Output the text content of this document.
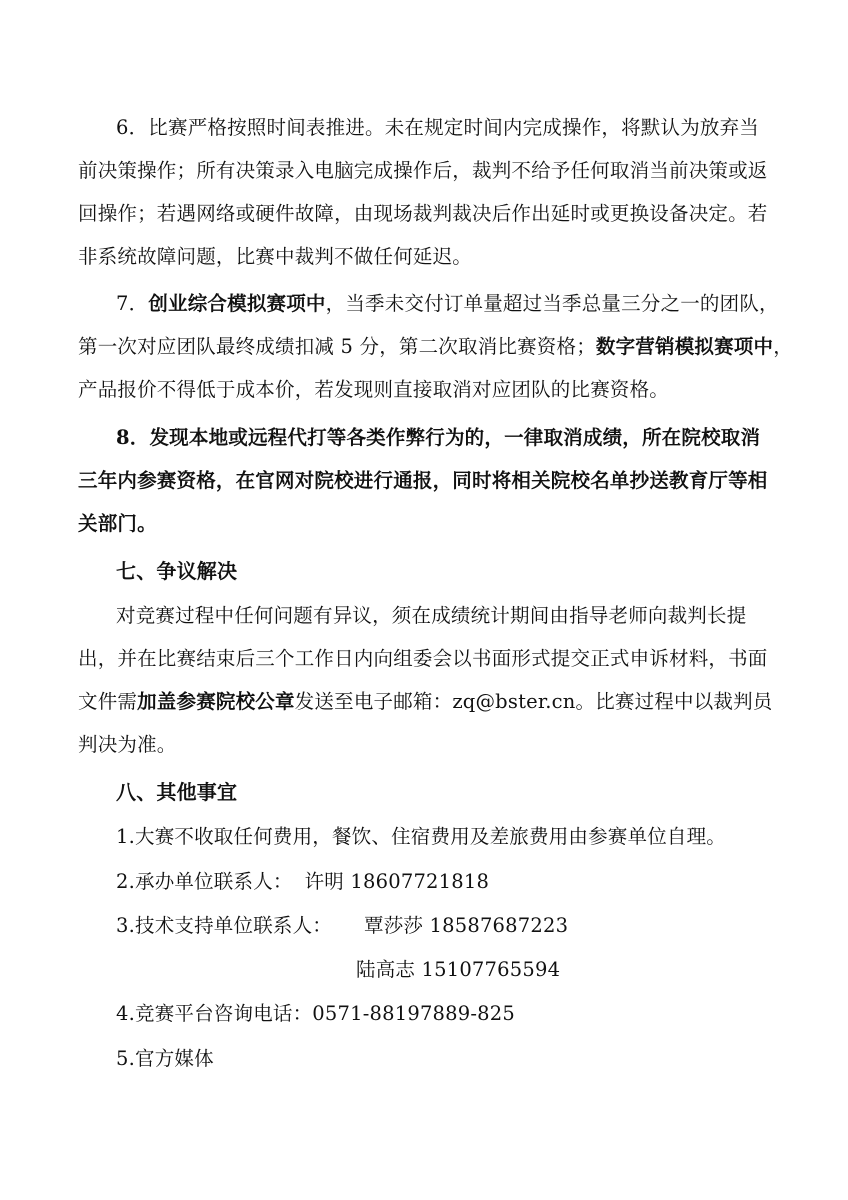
6．比赛严格按照时间表推进。未在规定时间内完成操作，将默认为放弃当
前决策操作；所有决策录入电脑完成操作后，裁判不给予任何取消当前决策或返
回操作；若遇网络或硬件故障，由现场裁判裁决后作出延时或更换设备决定。若
非系统故障问题，比赛中裁判不做任何延迟。
7．创业综合模拟赛项中，当季未交付订单量超过当季总量三分之一的团队，
第一次对应团队最终成绩扣减 5 分，第二次取消比赛资格；数字营销模拟赛项中，
产品报价不得低于成本价，若发现则直接取消对应团队的比赛资格。
8．发现本地或远程代打等各类作弊行为的，一律取消成绩，所在院校取消
三年内参赛资格，在官网对院校进行通报，同时将相关院校名单抄送教育厅等相
关部门。
七、争议解决
对竞赛过程中任何问题有异议，须在成绩统计期间由指导老师向裁判长提
出，并在比赛结束后三个工作日内向组委会以书面形式提交正式申诉材料，书面
文件需加盖参赛院校公章发送至电子邮箱：zq@bster.cn。比赛过程中以裁判员
判决为准。
八、其他事宜
1.大赛不收取任何费用，餐饮、住宿费用及差旅费用由参赛单位自理。
2.承办单位联系人： 许明 18607721818
3.技术支持单位联系人： 覃莎莎 18587687223
陆高志 15107765594
4.竞赛平台咨询电话：0571-88197889-825
5.官方媒体
